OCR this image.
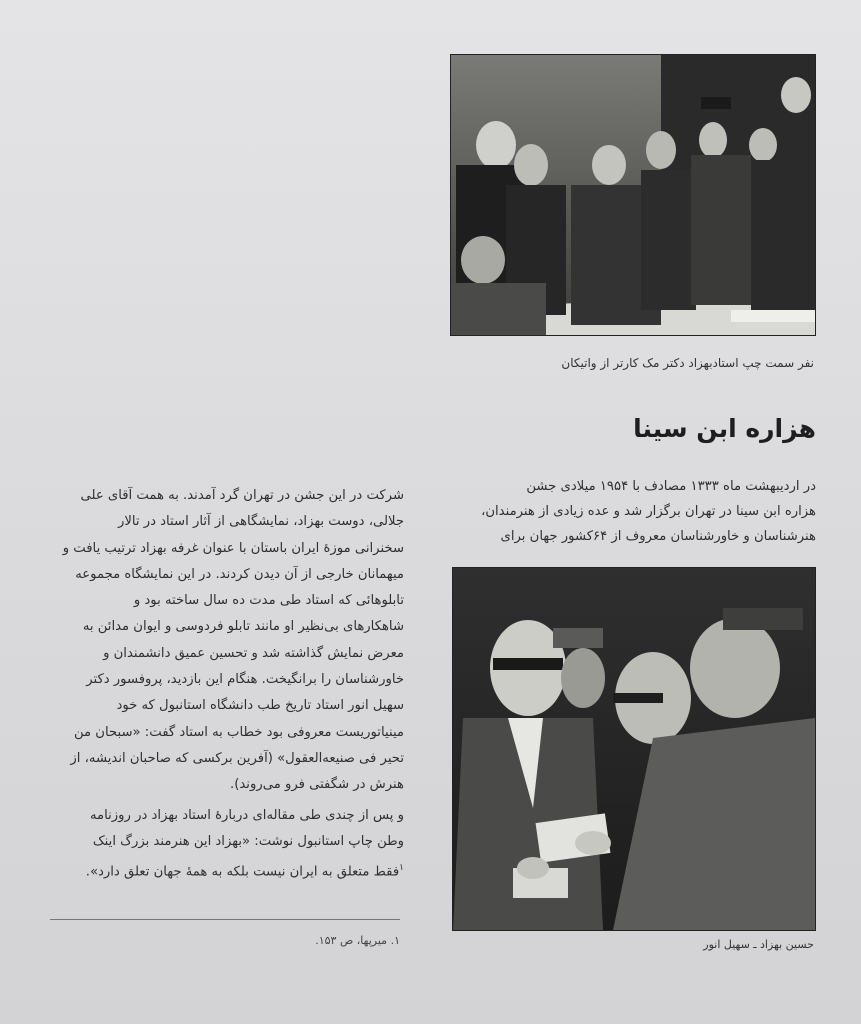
نفر سمت چپ استادبهزاد دکتر مک کارتر از واتیکان
هزاره ابن سینا
در اردیبهشت ماه ۱۳۳۳ مصادف با ۱۹۵۴ میلادی جشن
هزاره ابن سینا در تهران برگزار شد و عده زیادی از هنرمندان،
هنرشناسان و خاورشناسان معروف از ۶۴کشور جهان برای
حسین بهزاد ـ سهیل انور

شرکت در این جشن در تهران گرد آمدند. به همت آقای علی
جلالی، دوست بهزاد، نمایشگاهی از آثار استاد در تالار
سخنرانی موزهٔ ایران باستان با عنوان غرفه بهزاد ترتیب یافت و
میهمانان خارجی از آن دیدن کردند. در این نمایشگاه مجموعه
تابلوهائی که استاد طی مدت ده سال ساخته بود و
شاهکارهای بی‌نظیر او مانند تابلو فردوسی و ایوان مدائن به
معرض نمایش گذاشته شد و تحسین عمیق دانشمندان و
خاورشناسان را برانگیخت. هنگام این بازدید، پروفسور دکتر
سهیل انور استاد تاریخ طب دانشگاه استانبول که خود
مینیاتوریست معروفی بود خطاب به استاد گفت: «سبحان من
تحیر فی صنیعه‌العقول» (آفرین برکسی که صاحبان اندیشه، از
هنرش در شگفتی فرو می‌روند).

و پس از چندی طی مقاله‌ای دربارهٔ استاد بهزاد در روزنامه
وطن چاپ استانبول نوشت: «بهزاد این هنرمند بزرگ اینک
$^۱$فقط متعلق به ایران نیست بلکه به همهٔ جهان تعلق دارد».

۱. میرپها، ص ۱۵۳.
